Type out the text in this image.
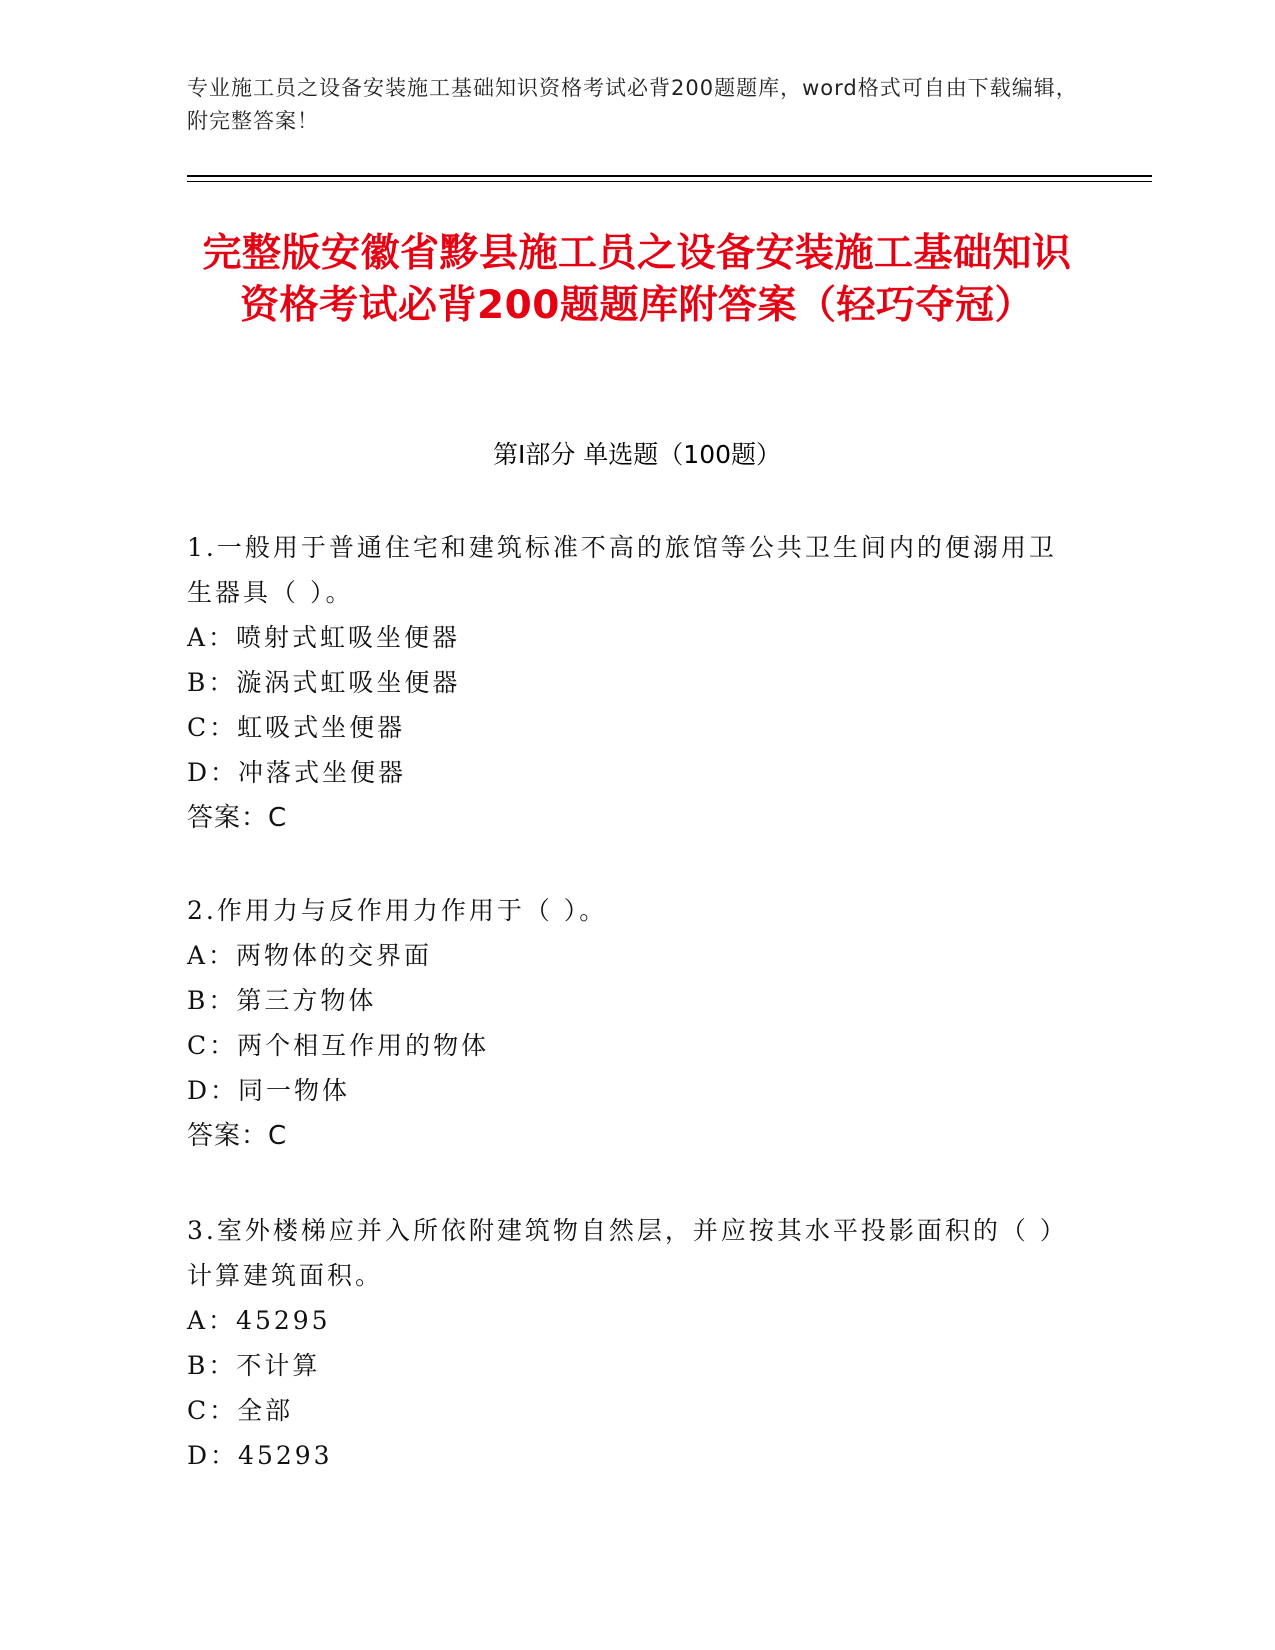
专业施工员之设备安装施工基础知识资格考试必背200题题库，word格式可自由下载编辑，附完整答案！
完整版安徽省黟县施工员之设备安装施工基础知识资格考试必背200题题库附答案（轻巧夺冠）
第Ⅰ部分 单选题（100题）
1.一般用于普通住宅和建筑标准不高的旅馆等公共卫生间内的便溺用卫生器具（ ）。
A：喷射式虹吸坐便器
B：漩涡式虹吸坐便器
C：虹吸式坐便器
D：冲落式坐便器
答案：C
2.作用力与反作用力作用于（ ）。
A：两物体的交界面
B：第三方物体
C：两个相互作用的物体
D：同一物体
答案：C
3.室外楼梯应并入所依附建筑物自然层，并应按其水平投影面积的（ ）计算建筑面积。
A：45295
B：不计算
C：全部
D：45293
